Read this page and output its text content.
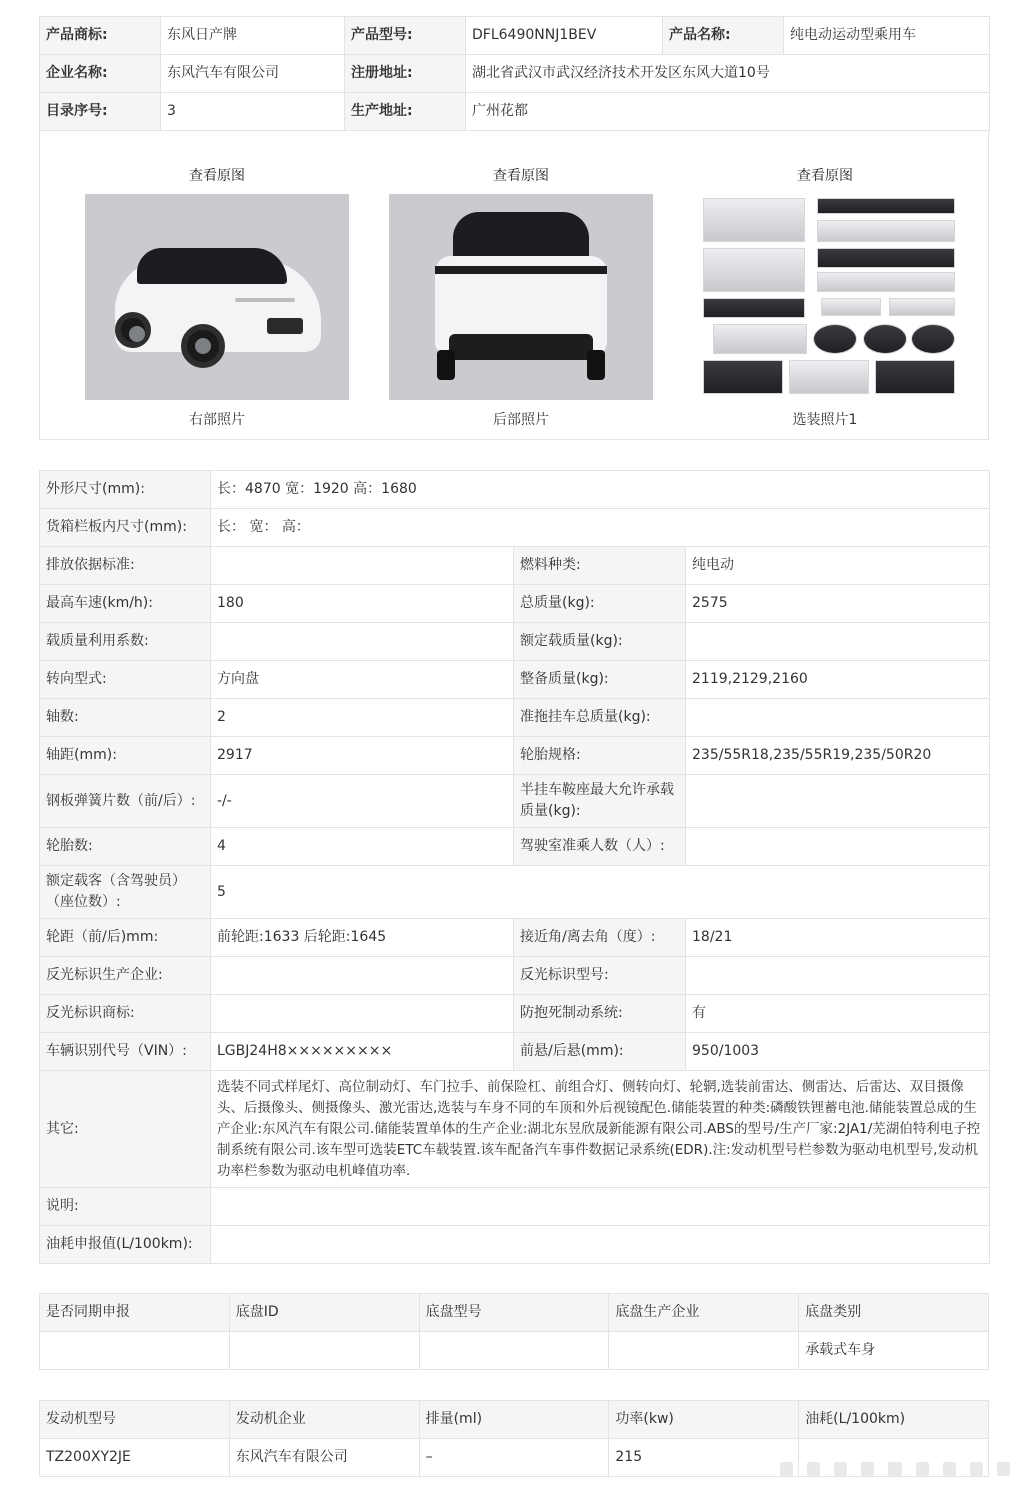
产品商标:	东风日产牌	产品型号:	DFL6490NNJ1BEV	产品名称:	纯电动运动型乘用车
企业名称:	东风汽车有限公司	注册地址:	湖北省武汉市武汉经济技术开发区东风大道10号		
目录序号:	3	生产地址:	广州花都		
查看原图
右部照片
查看原图
后部照片
查看原图
选装照片1
外形尺寸(mm):	长：4870 宽：1920 高：1680		
货箱栏板内尺寸(mm):	长： 宽： 高：		
排放依据标准:		燃料种类:	纯电动
最高车速(km/h):	180	总质量(kg):	2575
载质量利用系数:		额定载质量(kg):	
转向型式:	方向盘	整备质量(kg):	2119,2129,2160
轴数:	2	准拖挂车总质量(kg):	
轴距(mm):	2917	轮胎规格:	235/55R18,235/55R19,235/50R20
钢板弹簧片数（前/后）:	-/-	半挂车鞍座最大允许承载质量(kg):	
轮胎数:	4	驾驶室准乘人数（人）:	
额定载客（含驾驶员）（座位数）:	5		
轮距（前/后)mm:	前轮距:1633 后轮距:1645	接近角/离去角（度）:	18/21
反光标识生产企业:		反光标识型号:	
反光标识商标:		防抱死制动系统:	有
车辆识别代号（VIN）:	LGBJ24H8×××××××××	前悬/后悬(mm):	950/1003
其它:	选装不同式样尾灯、高位制动灯、车门拉手、前保险杠、前组合灯、侧转向灯、轮辋,选装前雷达、侧雷达、后雷达、双目摄像头、后摄像头、侧摄像头、激光雷达,选装与车身不同的车顶和外后视镜配色.储能装置的种类:磷酸铁锂蓄电池.储能装置总成的生产企业:东风汽车有限公司.储能装置单体的生产企业:湖北东昱欣晟新能源有限公司.ABS的型号/生产厂家:2JA1/芜湖伯特利电子控制系统有限公司.该车型可选装ETC车载装置.该车配备汽车事件数据记录系统(EDR).注:发动机型号栏参数为驱动电机型号,发动机功率栏参数为驱动电机峰值功率.		
说明:			
油耗申报值(L/100km):			
是否同期申报	底盘ID	底盘型号	底盘生产企业	底盘类别
				承载式车身
发动机型号	发动机企业	排量(ml)	功率(kw)	油耗(L/100km)
TZ200XY2JE	东风汽车有限公司	–	215	
